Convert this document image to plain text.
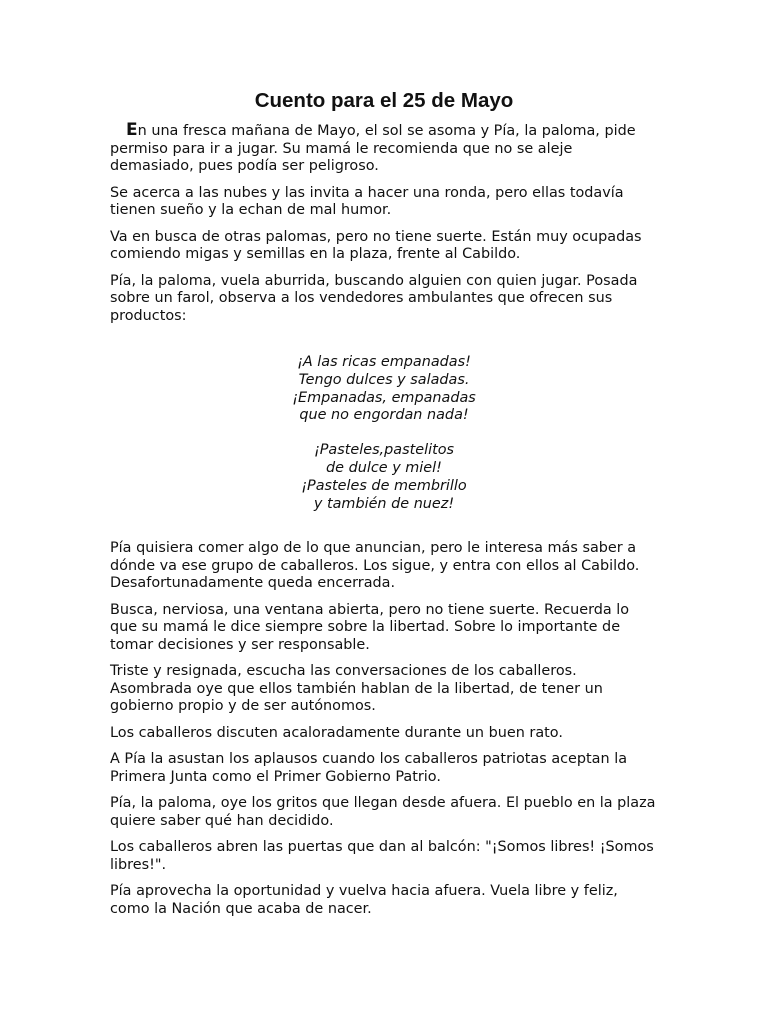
Cuento para el 25 de Mayo

En una fresca mañana de Mayo, el sol se asoma y Pía, la paloma, pide permiso para ir a jugar. Su mamá le recomienda que no se aleje demasiado, pues podía ser peligroso.

Se acerca a las nubes y las invita a hacer una ronda, pero ellas todavía tienen sueño y la echan de mal humor.

Va en busca de otras palomas, pero no tiene suerte. Están muy ocupadas comiendo migas y semillas en la plaza, frente al Cabildo.

Pía, la paloma, vuela aburrida, buscando alguien con quien jugar. Posada sobre un farol, observa a los vendedores ambulantes que ofrecen sus productos:

¡A las ricas empanadas!
Tengo dulces y saladas.
¡Empanadas, empanadas
que no engordan nada!
¡Pasteles,pastelitos
de dulce y miel!
¡Pasteles de membrillo
y también de nuez!

Pía quisiera comer algo de lo que anuncian, pero le interesa más saber a dónde va ese grupo de caballeros. Los sigue, y entra con ellos al Cabildo. Desafortunadamente queda encerrada.

Busca, nerviosa, una ventana abierta, pero no tiene suerte. Recuerda lo que su mamá le dice siempre sobre la libertad. Sobre lo importante de tomar decisiones y ser responsable.

Triste y resignada, escucha las conversaciones de los caballeros. Asombrada oye que ellos también hablan de la libertad, de tener un gobierno propio y de ser autónomos.

Los caballeros discuten acaloradamente durante un buen rato.

A Pía la asustan los aplausos cuando los caballeros patriotas aceptan la Primera Junta como el Primer Gobierno Patrio.

Pía, la paloma, oye los gritos que llegan desde afuera. El pueblo en la plaza quiere saber qué han decidido.

Los caballeros abren las puertas que dan al balcón: "¡Somos libres! ¡Somos libres!".

Pía aprovecha la oportunidad y vuelva hacia afuera. Vuela libre y feliz, como la Nación que acaba de nacer.
